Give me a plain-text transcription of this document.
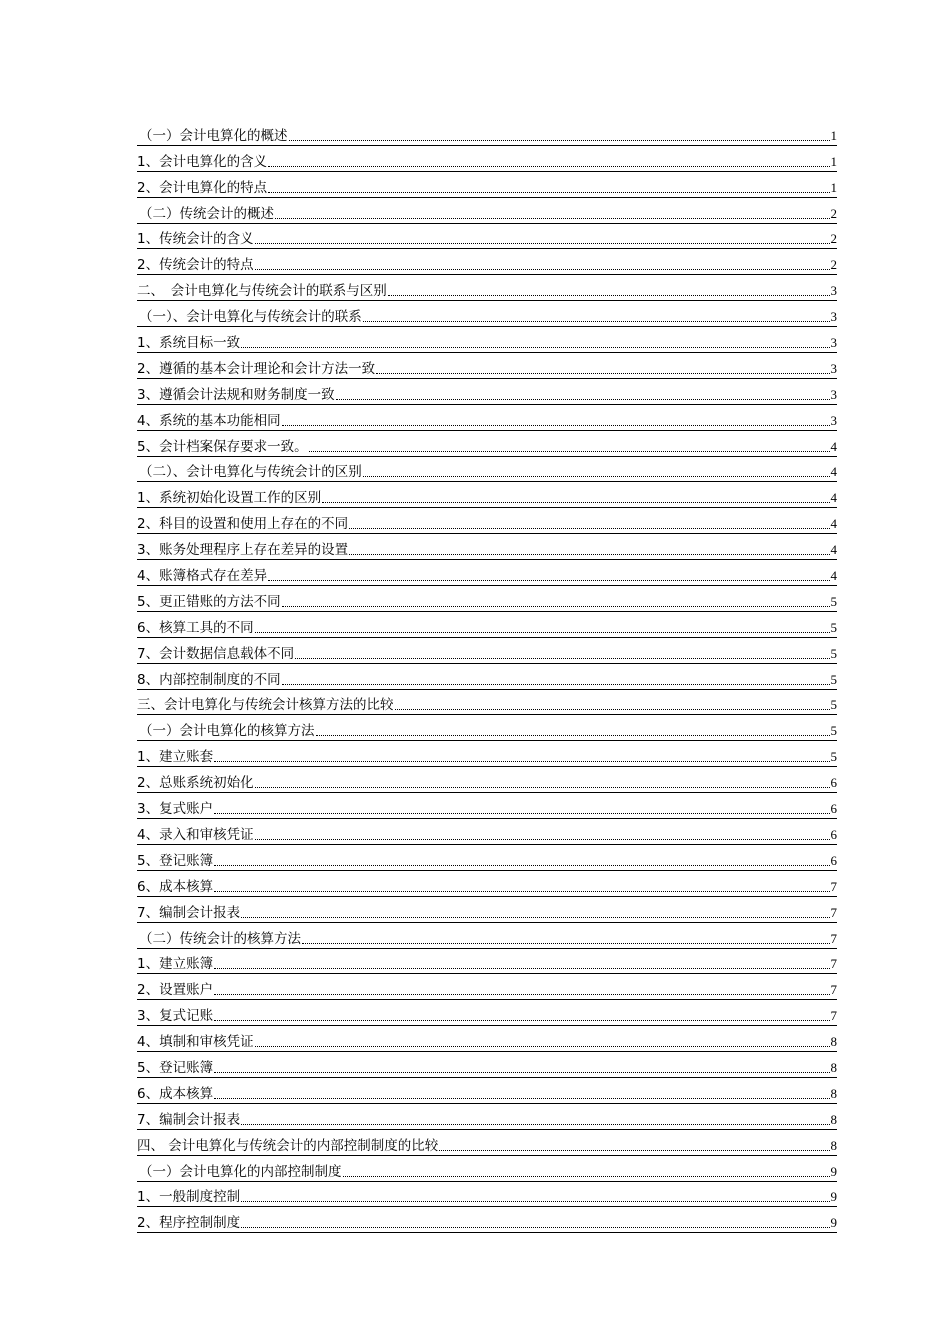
（一）会计电算化的概述	1
1、会计电算化的含义	1
2、会计电算化的特点	1
（二）传统会计的概述	2
1、传统会计的含义	2
2、传统会计的特点	2
二、　会计电算化与传统会计的联系与区别	3
（一）、会计电算化与传统会计的联系	3
1、系统目标一致	3
2、遵循的基本会计理论和会计方法一致	3
3、遵循会计法规和财务制度一致	3
4、系统的基本功能相同	3
5、会计档案保存要求一致。	4
（二）、会计电算化与传统会计的区别	4
1、系统初始化设置工作的区别	4
2、科目的设置和使用上存在的不同	4
3、账务处理程序上存在差异的设置	4
4、账簿格式存在差异	4
5、更正错账的方法不同	5
6、核算工具的不同	5
7、会计数据信息载体不同	5
8、内部控制制度的不同	5
三、会计电算化与传统会计核算方法的比较	5
（一）会计电算化的核算方法	5
1、建立账套	5
2、总账系统初始化	6
3、复式账户	6
4、录入和审核凭证	6
5、登记账簿	6
6、成本核算	7
7、编制会计报表	7
（二）传统会计的核算方法	7
1、建立账簿	7
2、设置账户	7
3、复式记账	7
4、填制和审核凭证	8
5、登记账簿	8
6、成本核算	8
7、编制会计报表	8
四、 会计电算化与传统会计的内部控制制度的比较	8
（一）会计电算化的内部控制制度	9
1、一般制度控制	9
2、程序控制制度	9
